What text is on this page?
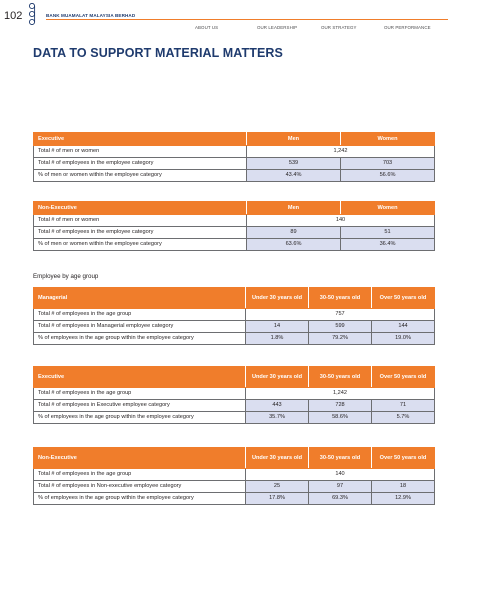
102	BANK MUAMALAT MALAYSIA BERHAD
ABOUT US	OUR LEADERSHIP	OUR STRATEGY	OUR PERFORMANCE
DATA TO SUPPORT MATERIAL MATTERS
Executive	Men	Women
Total # of men or women	1,242	
Total # of employees in the employee category	539	703
% of men or women within the employee category	43.4%	56.6%
Non-Executive	Men	Women
Total # of men or women	140	
Total # of employees in the employee category	89	51
% of men or women within the employee category	63.6%	36.4%
Employee by age group
Managerial	Under 30 years old	30-50 years old	Over 50 years old
Total # of employees in the age group	757		
Total # of employees in Managerial employee category	14	599	144
% of employees in the age group within the employee category	1.8%	79.2%	19.0%
Executive	Under 30 years old	30-50 years old	Over 50 years old
Total # of employees in the age group	1,242		
Total # of employees in Executive employee category	443	728	71
% of employees in the age group within the employee category	35.7%	58.6%	5.7%
Non-Executive	Under 30 years old	30-50 years old	Over 50 years old
Total # of employees in the age group	140		
Total # of employees in Non-executive employee category	25	97	18
% of employees in the age group within the employee category	17.8%	69.3%	12.9%
